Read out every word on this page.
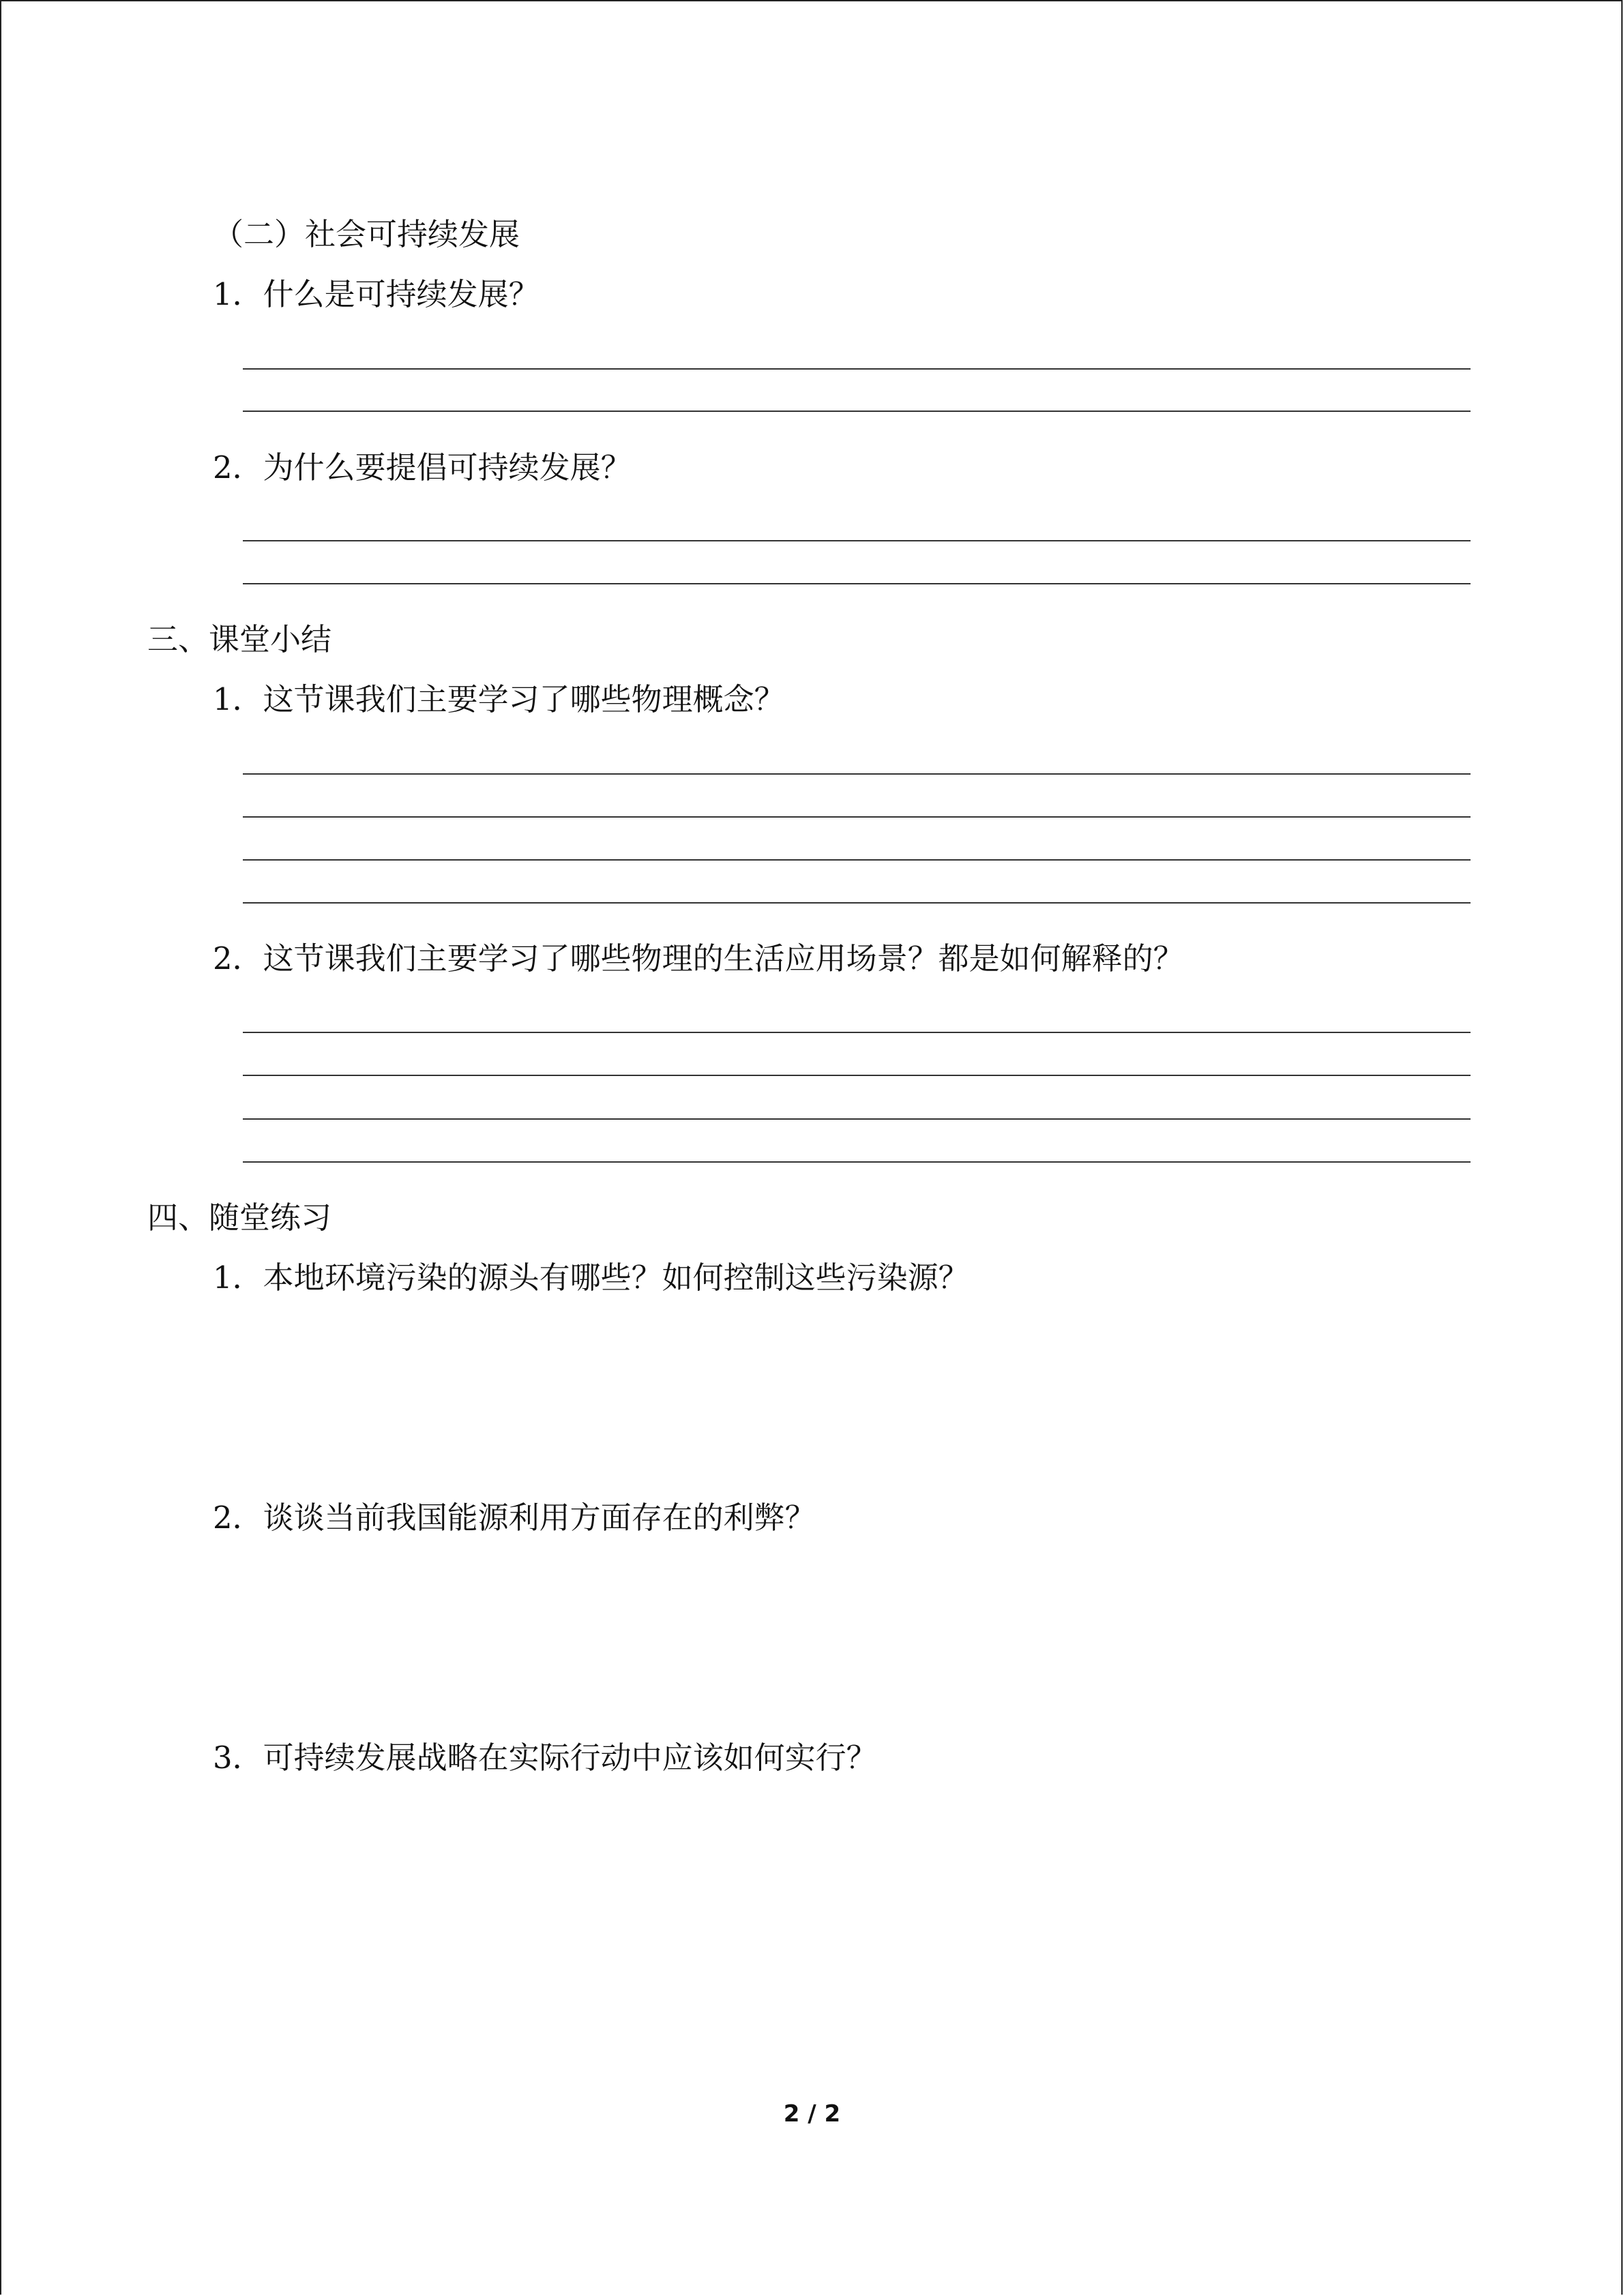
（二）社会可持续发展
1．什么是可持续发展？
2．为什么要提倡可持续发展？
三、课堂小结
1．这节课我们主要学习了哪些物理概念？
2．这节课我们主要学习了哪些物理的生活应用场景？都是如何解释的？
四、随堂练习
1．本地环境污染的源头有哪些？如何控制这些污染源？
2．谈谈当前我国能源利用方面存在的利弊？
3．可持续发展战略在实际行动中应该如何实行？
2 / 2
